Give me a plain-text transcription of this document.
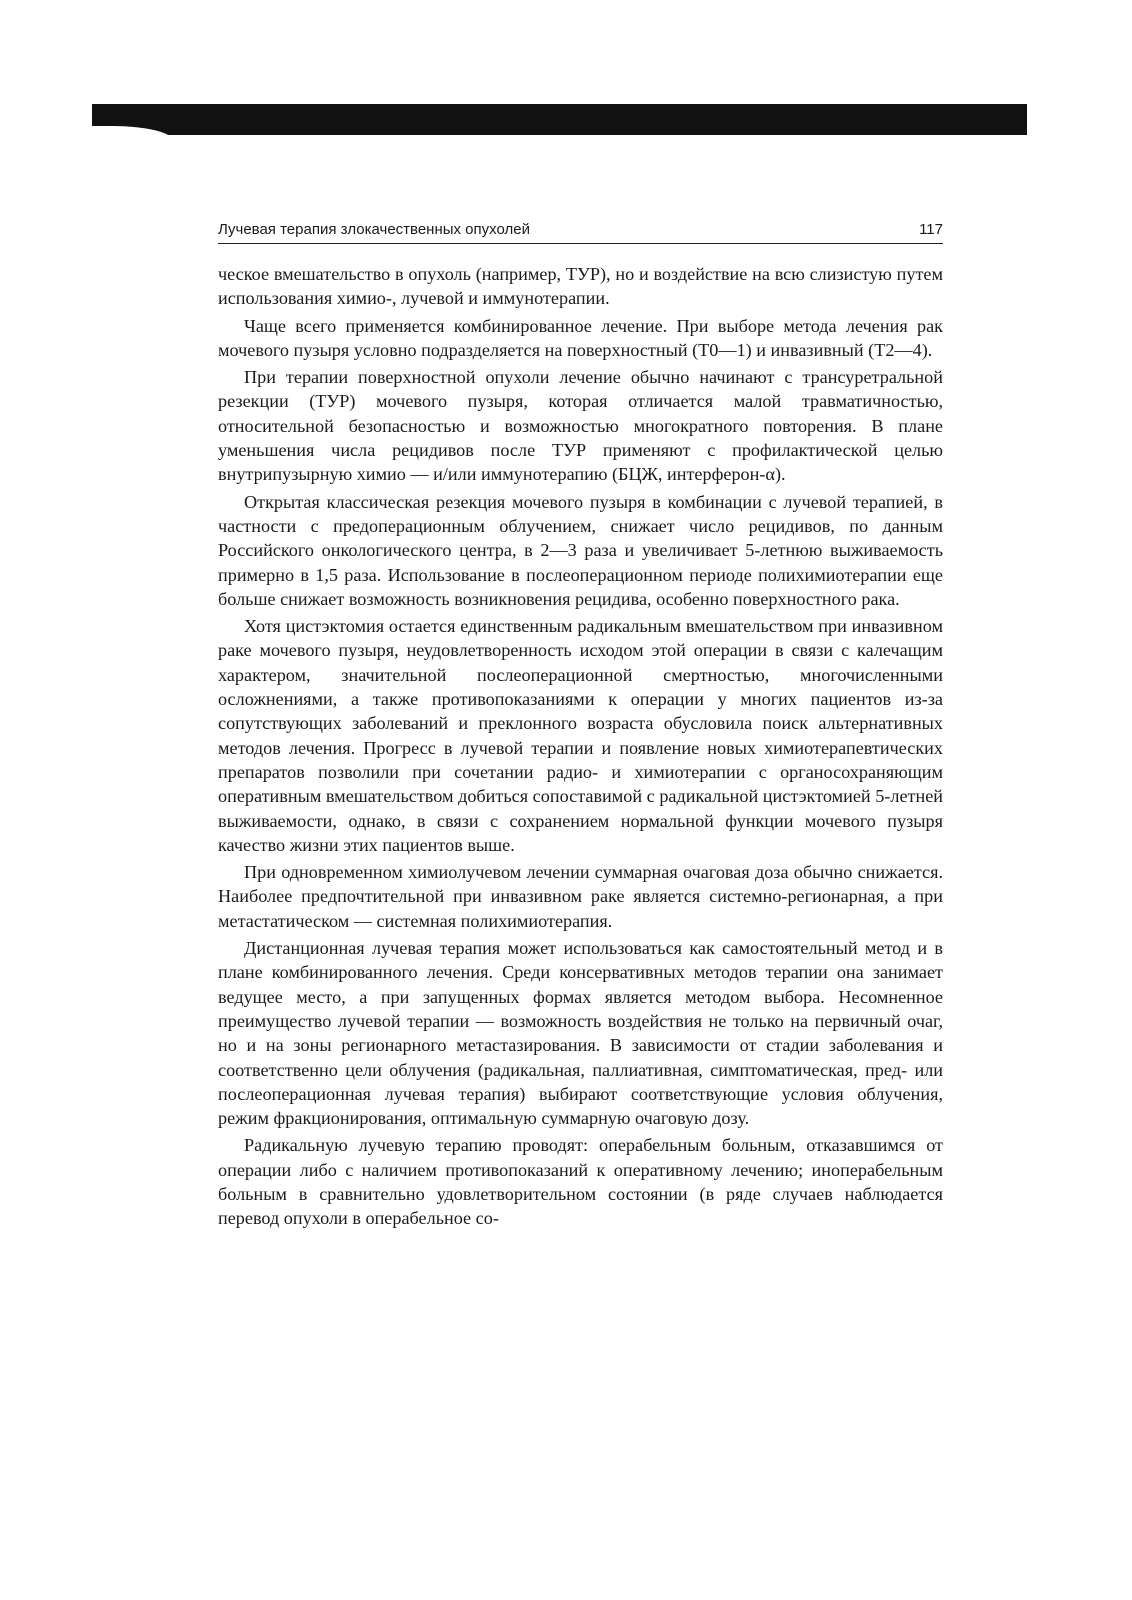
Лучевая терапия злокачественных опухолей	117

ческое вмешательство в опухоль (например, ТУР), но и воздействие на всю слизистую путем использования химио-, лучевой и иммунотерапии.

Чаще всего применяется комбинированное лечение. При выборе метода лечения рак мочевого пузыря условно подразделяется на поверхностный (Т0—1) и инвазивный (Т2—4).

При терапии поверхностной опухоли лечение обычно начинают с трансуретральной резекции (ТУР) мочевого пузыря, которая отличается малой травматичностью, относительной безопасностью и возможностью многократного повторения. В плане уменьшения числа рецидивов после ТУР применяют с профилактической целью внутрипузырную химио — и/или иммунотерапию (БЦЖ, интерферон-α).

Открытая классическая резекция мочевого пузыря в комбинации с лучевой терапией, в частности с предоперационным облучением, снижает число рецидивов, по данным Российского онкологического центра, в 2—3 раза и увеличивает 5-летнюю выживаемость примерно в 1,5 раза. Использование в послеоперационном периоде полихимиотерапии еще больше снижает возможность возникновения рецидива, особенно поверхностного рака.

Хотя цистэктомия остается единственным радикальным вмешательством при инвазивном раке мочевого пузыря, неудовлетворенность исходом этой операции в связи с калечащим характером, значительной послеоперационной смертностью, многочисленными осложнениями, а также противопоказаниями к операции у многих пациентов из-за сопутствующих заболеваний и преклонного возраста обусловила поиск альтернативных методов лечения. Прогресс в лучевой терапии и появление новых химиотерапевтических препаратов позволили при сочетании радио- и химиотерапии с органосохраняющим оперативным вмешательством добиться сопоставимой с радикальной цистэктомией 5-летней выживаемости, однако, в связи с сохранением нормальной функции мочевого пузыря качество жизни этих пациентов выше.

При одновременном химиолучевом лечении суммарная очаговая доза обычно снижается. Наиболее предпочтительной при инвазивном раке является системно-регионарная, а при метастатическом — системная полихимиотерапия.

Дистанционная лучевая терапия может использоваться как самостоятельный метод и в плане комбинированного лечения. Среди консервативных методов терапии она занимает ведущее место, а при запущенных формах является методом выбора. Несомненное преимущество лучевой терапии — возможность воздействия не только на первичный очаг, но и на зоны регионарного метастазирования. В зависимости от стадии заболевания и соответственно цели облучения (радикальная, паллиативная, симптоматическая, пред- или послеоперационная лучевая терапия) выбирают соответствующие условия облучения, режим фракционирования, оптимальную суммарную очаговую дозу.

Радикальную лучевую терапию проводят: операбельным больным, отказавшимся от операции либо с наличием противопоказаний к оперативному лечению; иноперабельным больным в сравнительно удовлетворительном состоянии (в ряде случаев наблюдается перевод опухоли в операбельное со-
